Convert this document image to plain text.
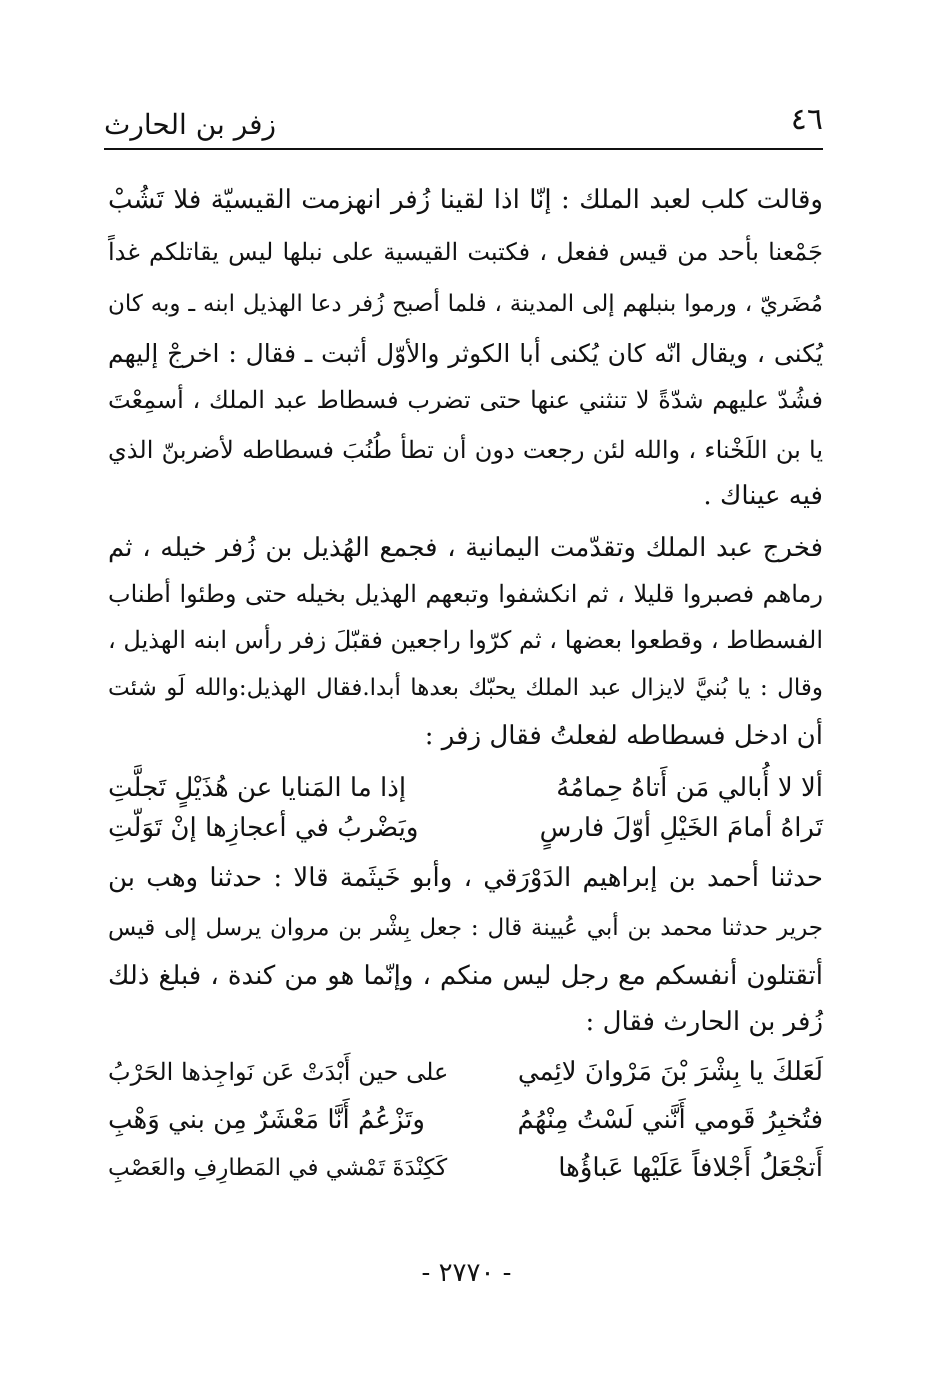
٤٦
زفر بن الحارث
وقالت كلب لعبد الملك : إنّا اذا لقينا زُفر انهزمت القيسيّة فلا تَشُبْ
جَمْعنا بأحد من قيس ففعل ، فكتبت القيسية على نبلها ليس يقاتلكم غداً
مُضَريّ ، ورموا بنبلهم إلى المدينة ، فلما أصبح زُفر دعا الهذيل ابنه ـ وبه كان
يُكنى ، ويقال انّه كان يُكنى أبا الكوثر والأوّل أثبت ـ فقال : اخرجْ إليهم
فشُدّ عليهم شدّةً لا تنثني عنها حتى تضرب فسطاط عبد الملك ، أسمِعْتَ
يا بن اللَخْناء ، والله لئن رجعت دون أن تطأ طُنُبَ فسطاطه لأضربنّ الذي
فيه عيناك .
فخرج عبد الملك وتقدّمت اليمانية ، فجمع الهُذيل بن زُفر خيله ، ثم
رماهم فصبروا قليلا ، ثم انكشفوا وتبعهم الهذيل بخيله حتى وطئوا أطناب
الفسطاط ، وقطعوا بعضها ، ثم كرّوا راجعين فقبّلَ زفر رأس ابنه الهذيل ،
وقال : يا بُنيَّ لايزال عبد الملك يحبّك بعدها أبدا.فقال الهذيل:والله لَو شئت
أن ادخل فسطاطه لفعلتُ فقال زفر :
ألا لا أُبالي مَن أَتاهُ حِمامُهُ
إذا ما المَنايا عن هُذَيْلٍ تَجلَّتِ
تَراهُ أمامَ الخَيْلِ أوّلَ فارسٍ
ويَضْربُ في أعجازِها إنْ تَوَلّتِ
حدثنا أحمد بن إبراهيم الدَوْرَقي ، وأبو خَيثَمة قالا : حدثنا وهب بن
جرير حدثنا محمد بن أبي عُيينة قال : جعل بِشْر بن مروان يرسل إلى قيس
أتقتلون أنفسكم مع رجل ليس منكم ، وإنّما هو من كندة ، فبلغ ذلك
زُفر بن الحارث فقال :
لَعَلكَ يا بِشْرَ بْنَ مَرْوانَ لائِمي
على حين أَبْدَتْ عَن نَواجِذها الحَرْبُ
فتُخبِرُ قَومي أَنَّني لَسْتُ مِنْهُمُ
وتَزْعُمُ أَنَّا مَعْشَرٌ مِن بني وَهْبِ
أَتجْعَلُ أَجْلافاً عَلَيْها عَباؤُها
كَكِنْدَةَ تَمْشي في المَطارِفِ والعَصْبِ
- ٢٧٧٠ -
